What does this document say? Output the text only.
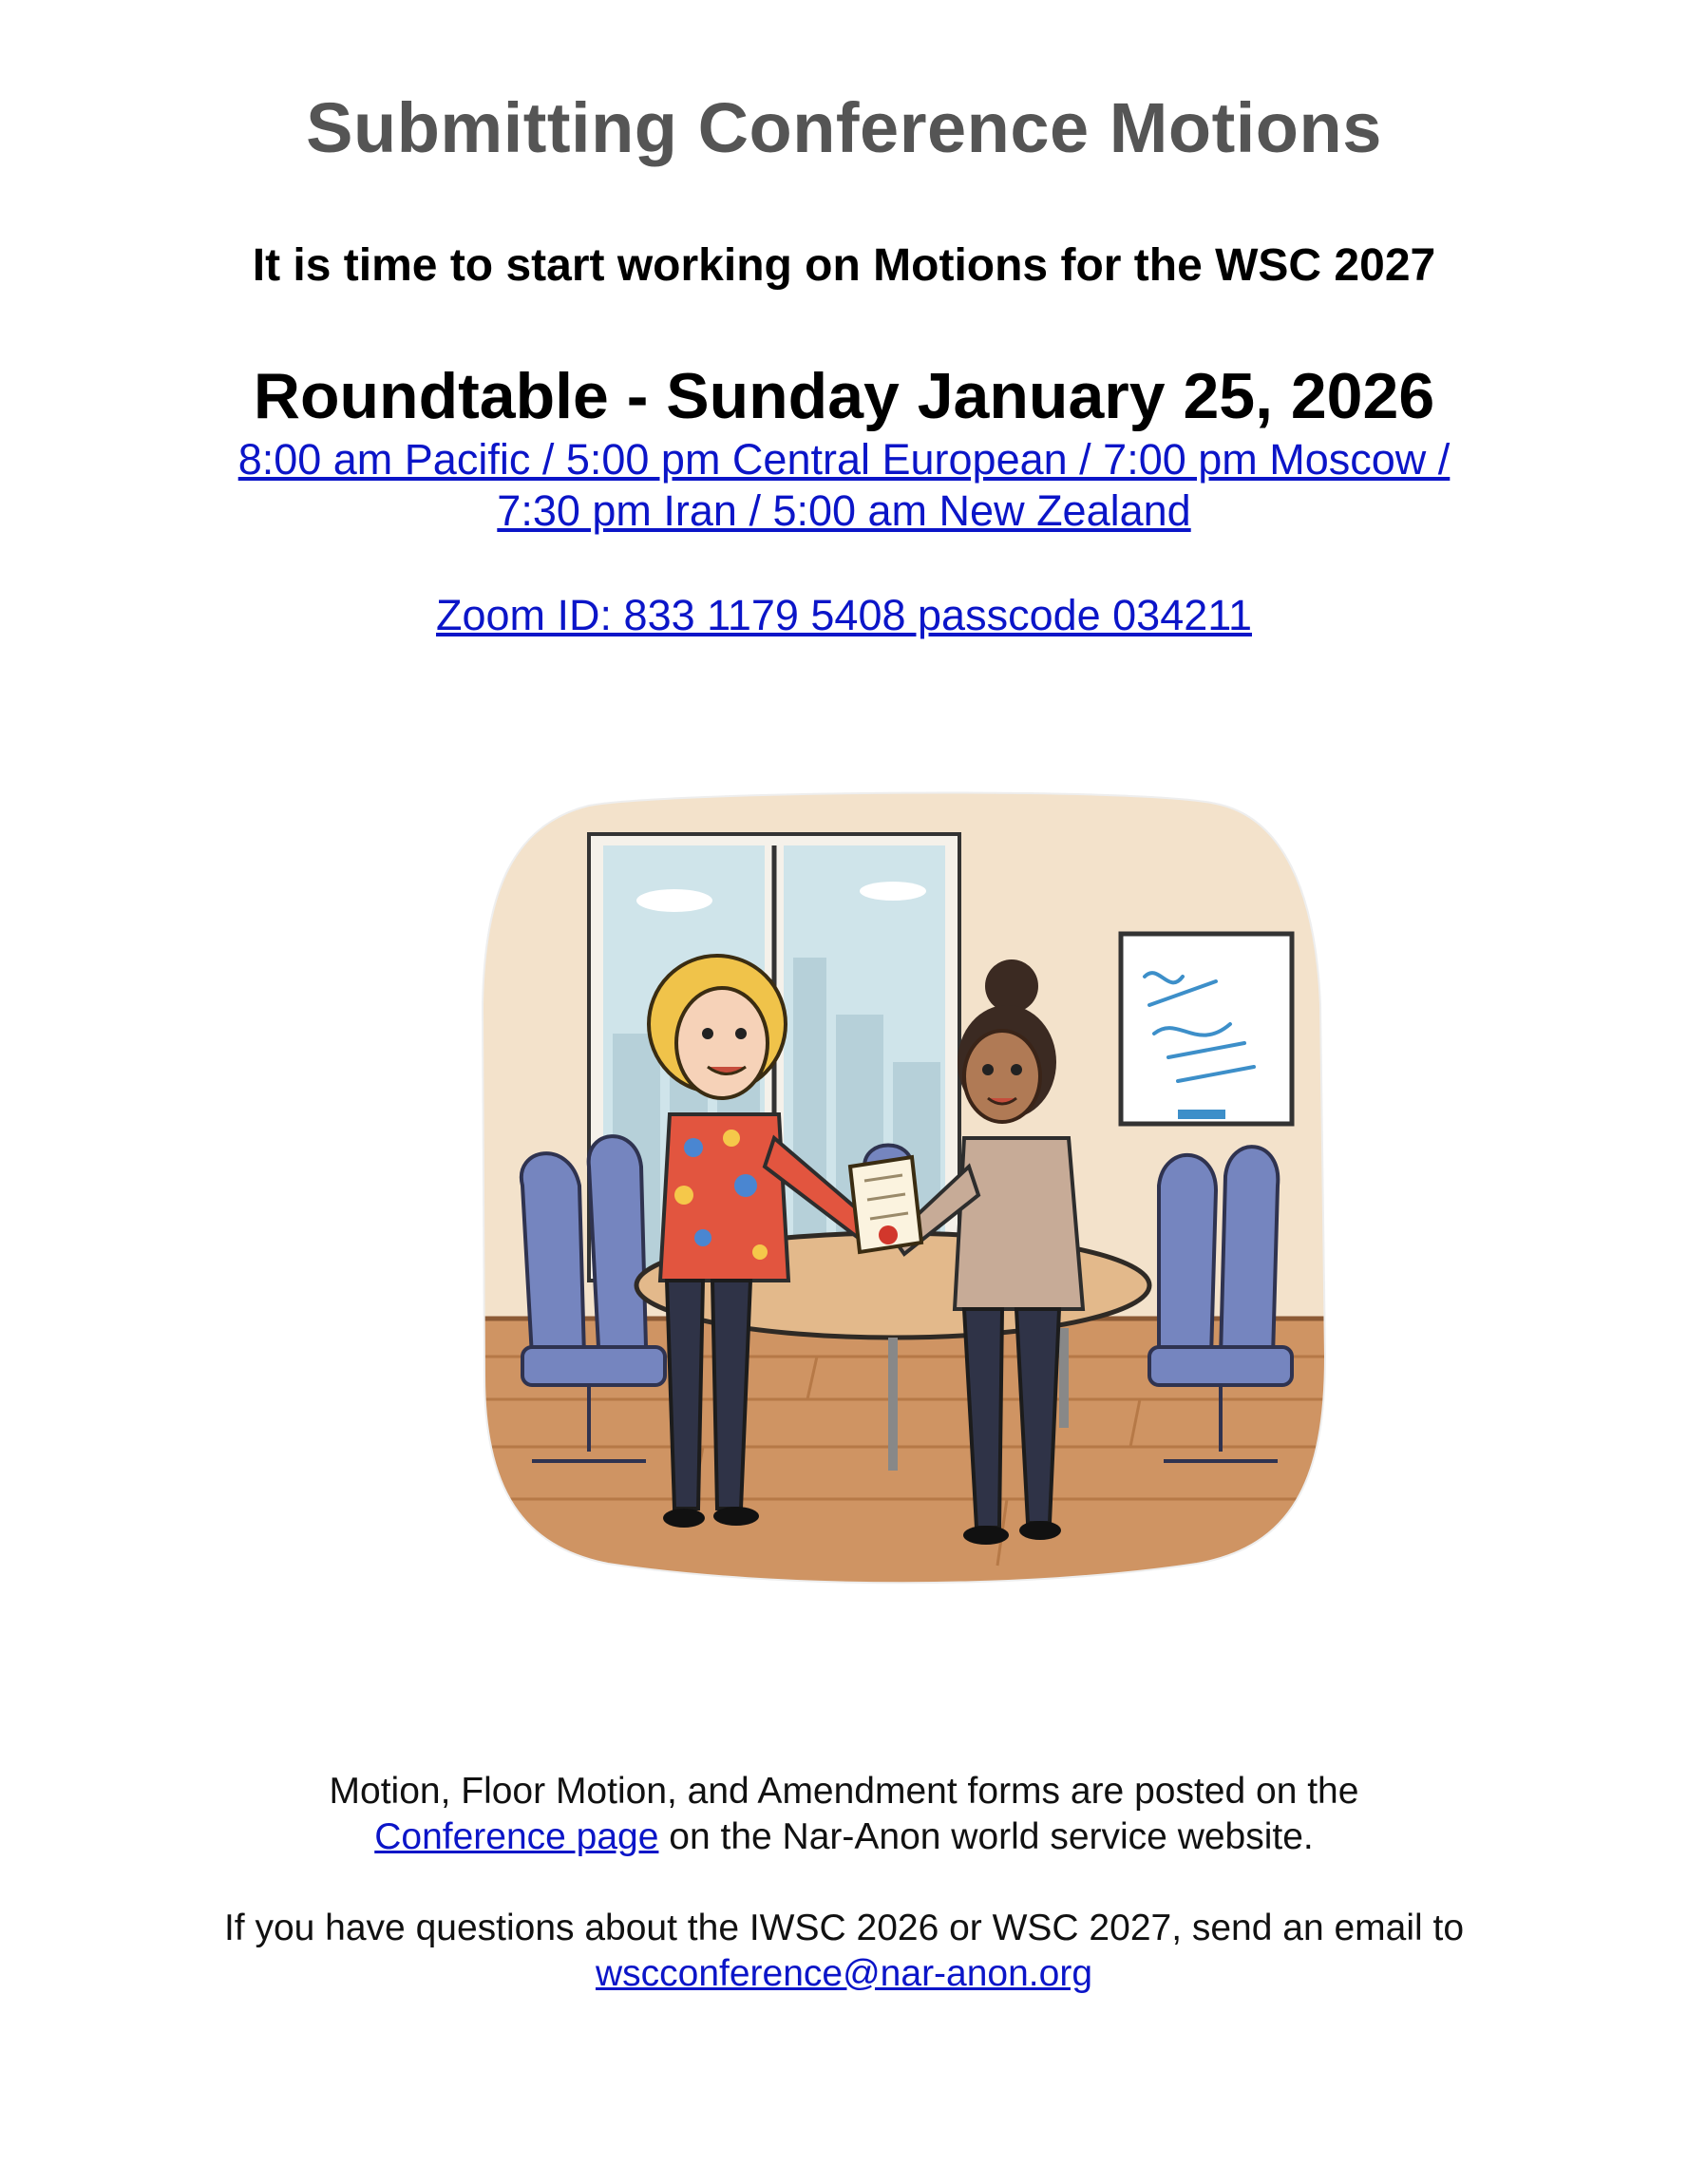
Submitting Conference Motions
It is time to start working on Motions for the WSC 2027
Roundtable - Sunday January 25, 2026
8:00 am Pacific / 5:00 pm Central European / 7:00 pm Moscow /
7:30 pm Iran / 5:00 am New Zealand
Zoom ID: 833 1179 5408 passcode 034211
Motion, Floor Motion, and Amendment forms are posted on the
Conference page on the Nar-Anon world service website.
If you have questions about the IWSC 2026 or WSC 2027, send an email to
wscconference@nar-anon.org
